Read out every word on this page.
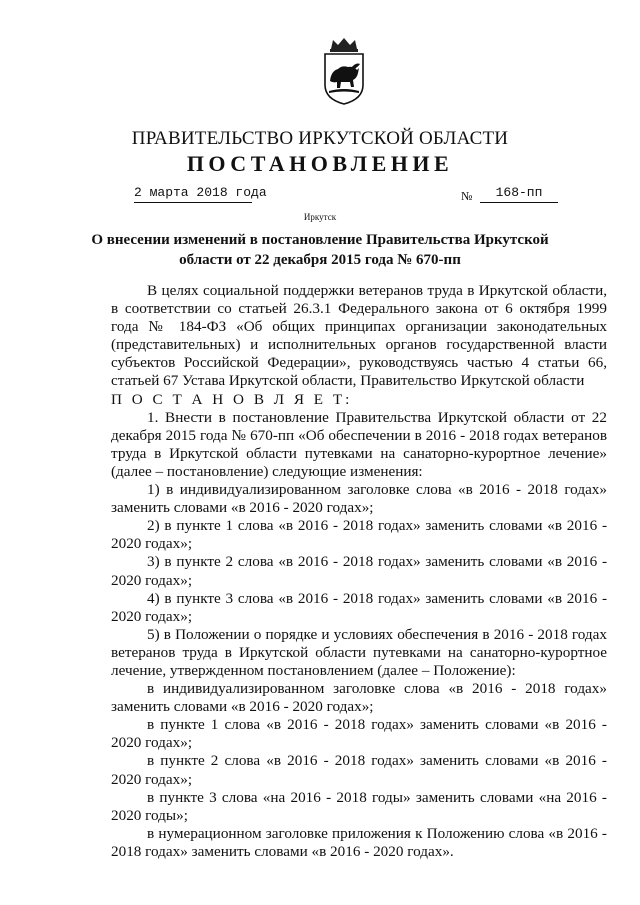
ПРАВИТЕЛЬСТВО ИРКУТСКОЙ ОБЛАСТИ
ПОСТАНОВЛЕНИЕ
2 марта 2018 года	№	168-пп
Иркутск
О внесении изменений в постановление Правительства Иркутской области от 22 декабря 2015 года № 670-пп

В целях социальной поддержки ветеранов труда в Иркутской области, в соответствии со статьей 26.3.1 Федерального закона от 6 октября 1999 года № 184-ФЗ «Об общих принципах организации законодательных (представительных) и исполнительных органов государственной власти субъектов Российской Федерации», руководствуясь частью 4 статьи 66, статьей 67 Устава Иркутской области, Правительство Иркутской области

П О С Т А Н О В Л Я Е Т:

1. Внести в постановление Правительства Иркутской области от 22 декабря 2015 года № 670-пп «Об обеспечении в 2016 - 2018 годах ветеранов труда в Иркутской области путевками на санаторно-курортное лечение» (далее – постановление) следующие изменения:

1) в индивидуализированном заголовке слова «в 2016 - 2018 годах» заменить словами «в 2016 - 2020 годах»;

2) в пункте 1 слова «в 2016 - 2018 годах» заменить словами «в 2016 - 2020 годах»;

3) в пункте 2 слова «в 2016 - 2018 годах» заменить словами «в 2016 - 2020 годах»;

4) в пункте 3 слова «в 2016 - 2018 годах» заменить словами «в 2016 - 2020 годах»;

5) в Положении о порядке и условиях обеспечения в 2016 - 2018 годах ветеранов труда в Иркутской области путевками на санаторно-курортное лечение, утвержденном постановлением (далее – Положение):

в индивидуализированном заголовке слова «в 2016 - 2018 годах» заменить словами «в 2016 - 2020 годах»;

в пункте 1 слова «в 2016 - 2018 годах» заменить словами «в 2016 - 2020 годах»;

в пункте 2 слова «в 2016 - 2018 годах» заменить словами «в 2016 - 2020 годах»;

в пункте 3 слова «на 2016 - 2018 годы» заменить словами «на 2016 - 2020 годы»;

в нумерационном заголовке приложения к Положению слова «в 2016 - 2018 годах» заменить словами «в 2016 - 2020 годах».
